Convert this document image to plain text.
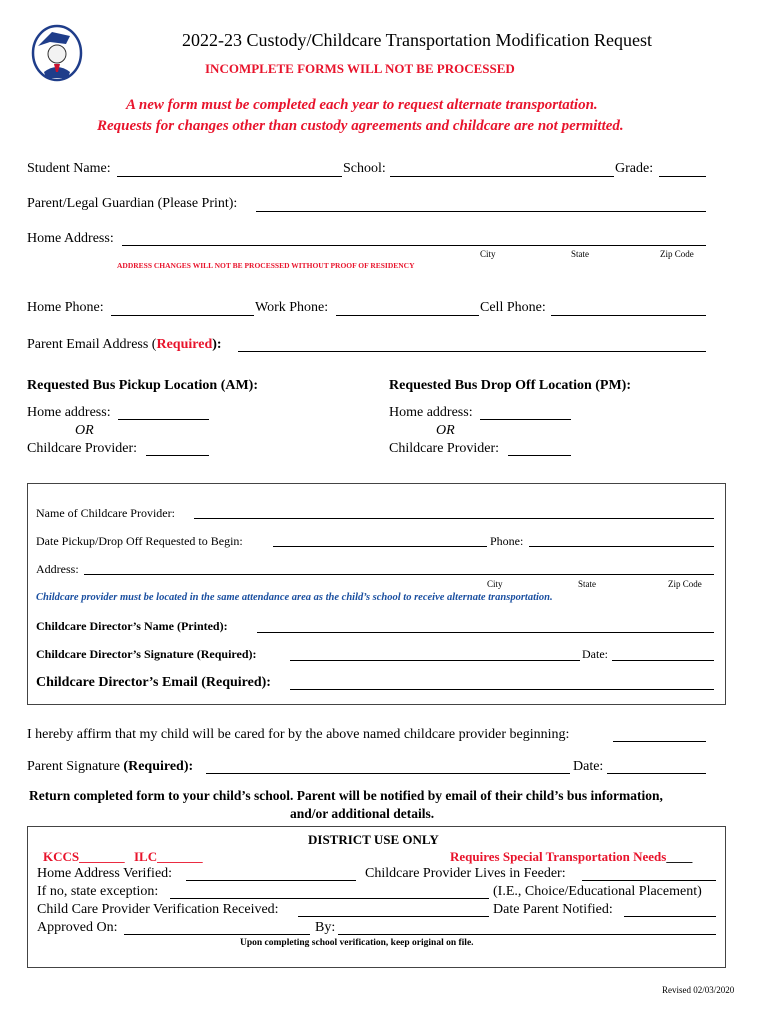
2022-23 Custody/Childcare Transportation Modification Request
INCOMPLETE FORMS WILL NOT BE PROCESSED
A new form must be completed each year to request alternate transportation.
Requests for changes other than custody agreements and childcare are not permitted.
Student Name:	School:	Grade:
Parent/Legal Guardian (Please Print):
Home Address:
City	State	Zip Code
ADDRESS CHANGES WILL NOT BE PROCESSED WITHOUT PROOF OF RESIDENCY
Home Phone:	Work Phone:	Cell Phone:
Parent Email Address (Required):
Requested Bus Pickup Location (AM):	Requested Bus Drop Off Location (PM):
Home address:
OR
Childcare Provider:
Home address:
OR
Childcare Provider:
Name of Childcare Provider:
Date Pickup/Drop Off Requested to Begin:	Phone:
Address:
City	State	Zip Code
Childcare provider must be located in the same attendance area as the child’s school to receive alternate transportation.
Childcare Director’s Name (Printed):
Childcare Director’s Signature (Required):	Date:
Childcare Director’s Email (Required):
I hereby affirm that my child will be cared for by the above named childcare provider beginning:
Parent Signature (Required):	Date:
Return completed form to your child’s school. Parent will be notified by email of their child’s bus information,
and/or additional details.
DISTRICT USE ONLY
KCCS_______ ILC_______	Requires Special Transportation Needs____
Home Address Verified:	Childcare Provider Lives in Feeder:
If no, state exception:	(I.E., Choice/Educational Placement)
Child Care Provider Verification Received:	Date Parent Notified:
Approved On:	By:
Upon completing school verification, keep original on file.
Revised 02/03/2020
